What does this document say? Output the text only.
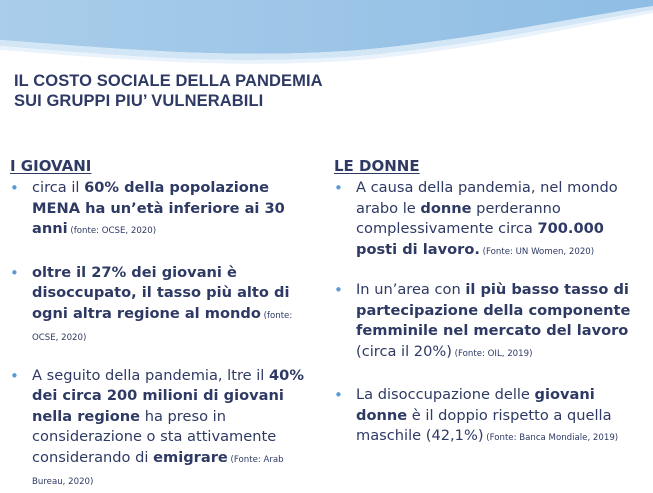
IL COSTO SOCIALE DELLA PANDEMIA
SUI GRUPPI PIU’ VULNERABILI
I GIOVANI
• circa il 60% della popolazione MENA ha un’età inferiore ai 30 anni (fonte: OCSE, 2020)
• oltre il 27% dei giovani è disoccupato, il tasso più alto di ogni altra regione al mondo (fonte: OCSE, 2020)
• A seguito della pandemia, ltre il 40% dei circa 200 milioni di giovani nella regione ha preso in considerazione o sta attivamente considerando di emigrare (Fonte: Arab Bureau, 2020)
LE DONNE
• A causa della pandemia, nel mondo arabo le donne perderanno complessivamente circa 700.000 posti di lavoro. (Fonte: UN Women, 2020)
• In un’area con il più basso tasso di partecipazione della componente femminile nel mercato del lavoro (circa il 20%) (Fonte: OIL, 2019)
• La disoccupazione delle giovani donne è il doppio rispetto a quella maschile (42,1%) (Fonte: Banca Mondiale, 2019)
